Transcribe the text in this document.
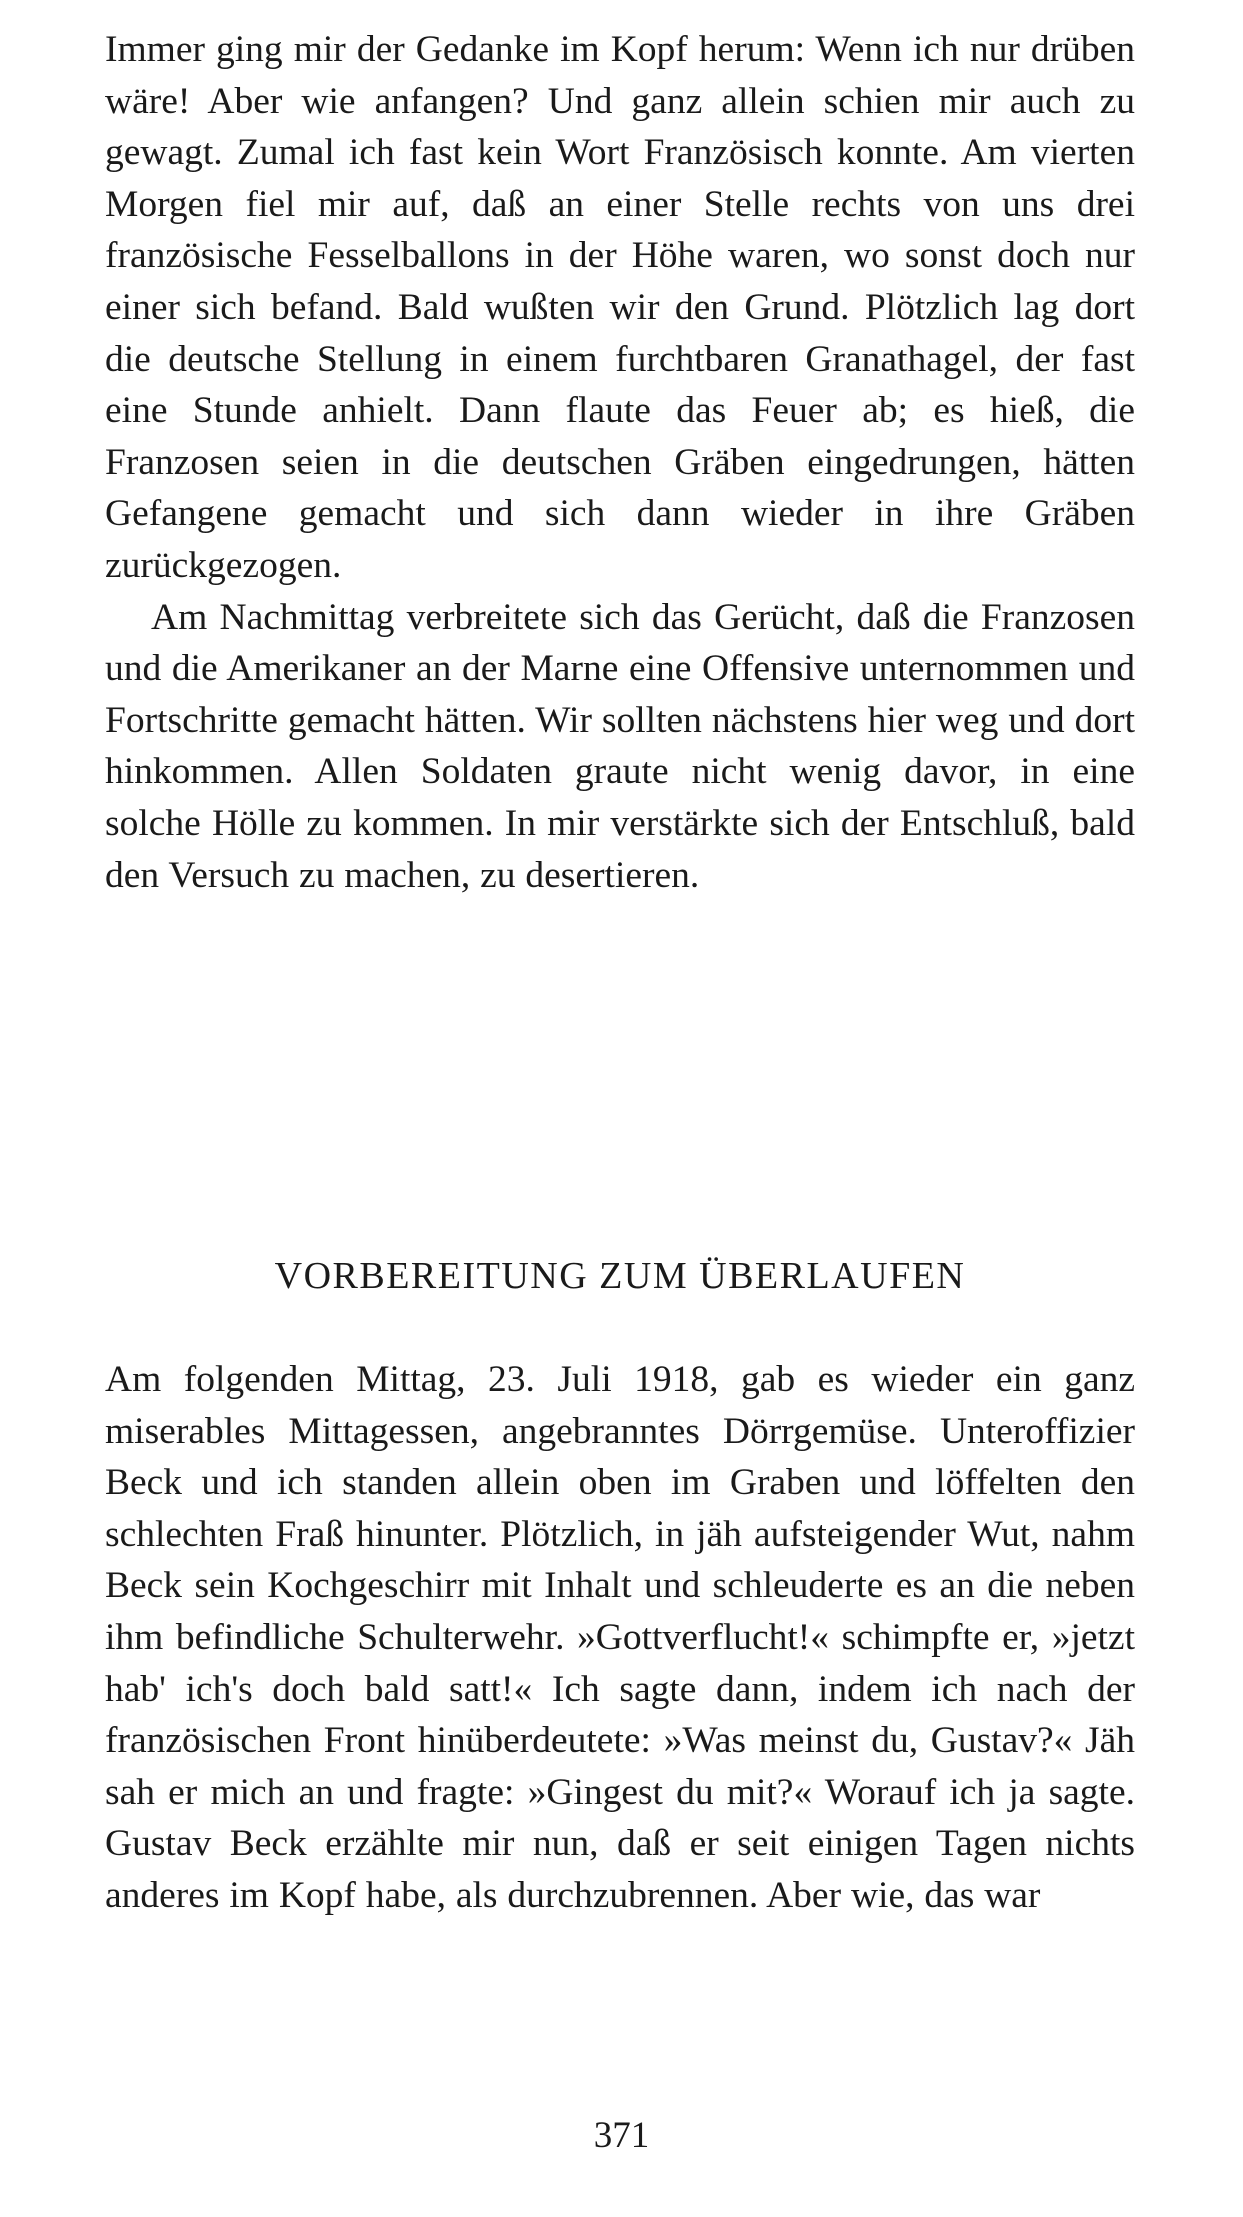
Immer ging mir der Gedanke im Kopf herum: Wenn ich nur drüben wäre! Aber wie anfangen? Und ganz allein schien mir auch zu gewagt. Zumal ich fast kein Wort Französisch konnte. Am vierten Morgen fiel mir auf, daß an einer Stelle rechts von uns drei französische Fesselballons in der Höhe waren, wo sonst doch nur einer sich befand. Bald wußten wir den Grund. Plötzlich lag dort die deutsche Stellung in einem furchtbaren Granathagel, der fast eine Stunde anhielt. Dann flaute das Feuer ab; es hieß, die Franzosen seien in die deutschen Gräben eingedrungen, hätten Gefangene gemacht und sich dann wieder in ihre Gräben zurückgezogen.

Am Nachmittag verbreitete sich das Gerücht, daß die Franzosen und die Amerikaner an der Marne eine Offensive unternommen und Fortschritte gemacht hätten. Wir sollten nächstens hier weg und dort hinkommen. Allen Soldaten graute nicht wenig davor, in eine solche Hölle zu kommen. In mir verstärkte sich der Entschluß, bald den Versuch zu machen, zu desertieren.

VORBEREITUNG ZUM ÜBERLAUFEN

Am folgenden Mittag, 23. Juli 1918, gab es wieder ein ganz miserables Mittagessen, angebranntes Dörrgemüse. Unteroffizier Beck und ich standen allein oben im Graben und löffelten den schlechten Fraß hinunter. Plötzlich, in jäh aufsteigender Wut, nahm Beck sein Kochgeschirr mit Inhalt und schleuderte es an die neben ihm befindliche Schulterwehr. »Gottverflucht!« schimpfte er, »jetzt hab' ich's doch bald satt!« Ich sagte dann, indem ich nach der französischen Front hinüberdeutete: »Was meinst du, Gustav?« Jäh sah er mich an und fragte: »Gingest du mit?« Worauf ich ja sagte. Gustav Beck erzählte mir nun, daß er seit einigen Tagen nichts anderes im Kopf habe, als durchzubrennen. Aber wie, das war

371
